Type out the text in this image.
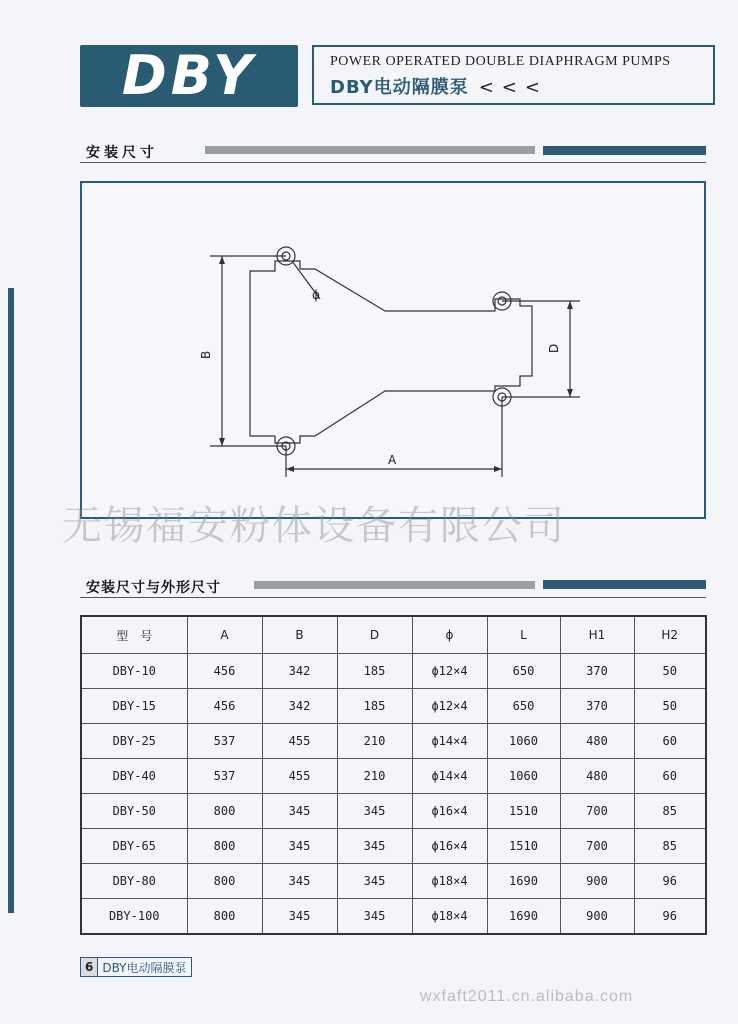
DBY	POWER OPERATED DOUBLE DIAPHRAGM PUMPS
DBY电动隔膜泵 <<<
安装尺寸
B
D
A
ϕ
无锡福安粉体设备有限公司
安装尺寸与外形尺寸
型　号	A	B	D	ϕ	L	H1	H2
DBY-10	456	342	185	ϕ12×4	650	370	50
DBY-15	456	342	185	ϕ12×4	650	370	50
DBY-25	537	455	210	ϕ14×4	1060	480	60
DBY-40	537	455	210	ϕ14×4	1060	480	60
DBY-50	800	345	345	ϕ16×4	1510	700	85
DBY-65	800	345	345	ϕ16×4	1510	700	85
DBY-80	800	345	345	ϕ18×4	1690	900	96
DBY-100	800	345	345	ϕ18×4	1690	900	96
6 DBY电动隔膜泵
wxfaft2011.cn.alibaba.com
